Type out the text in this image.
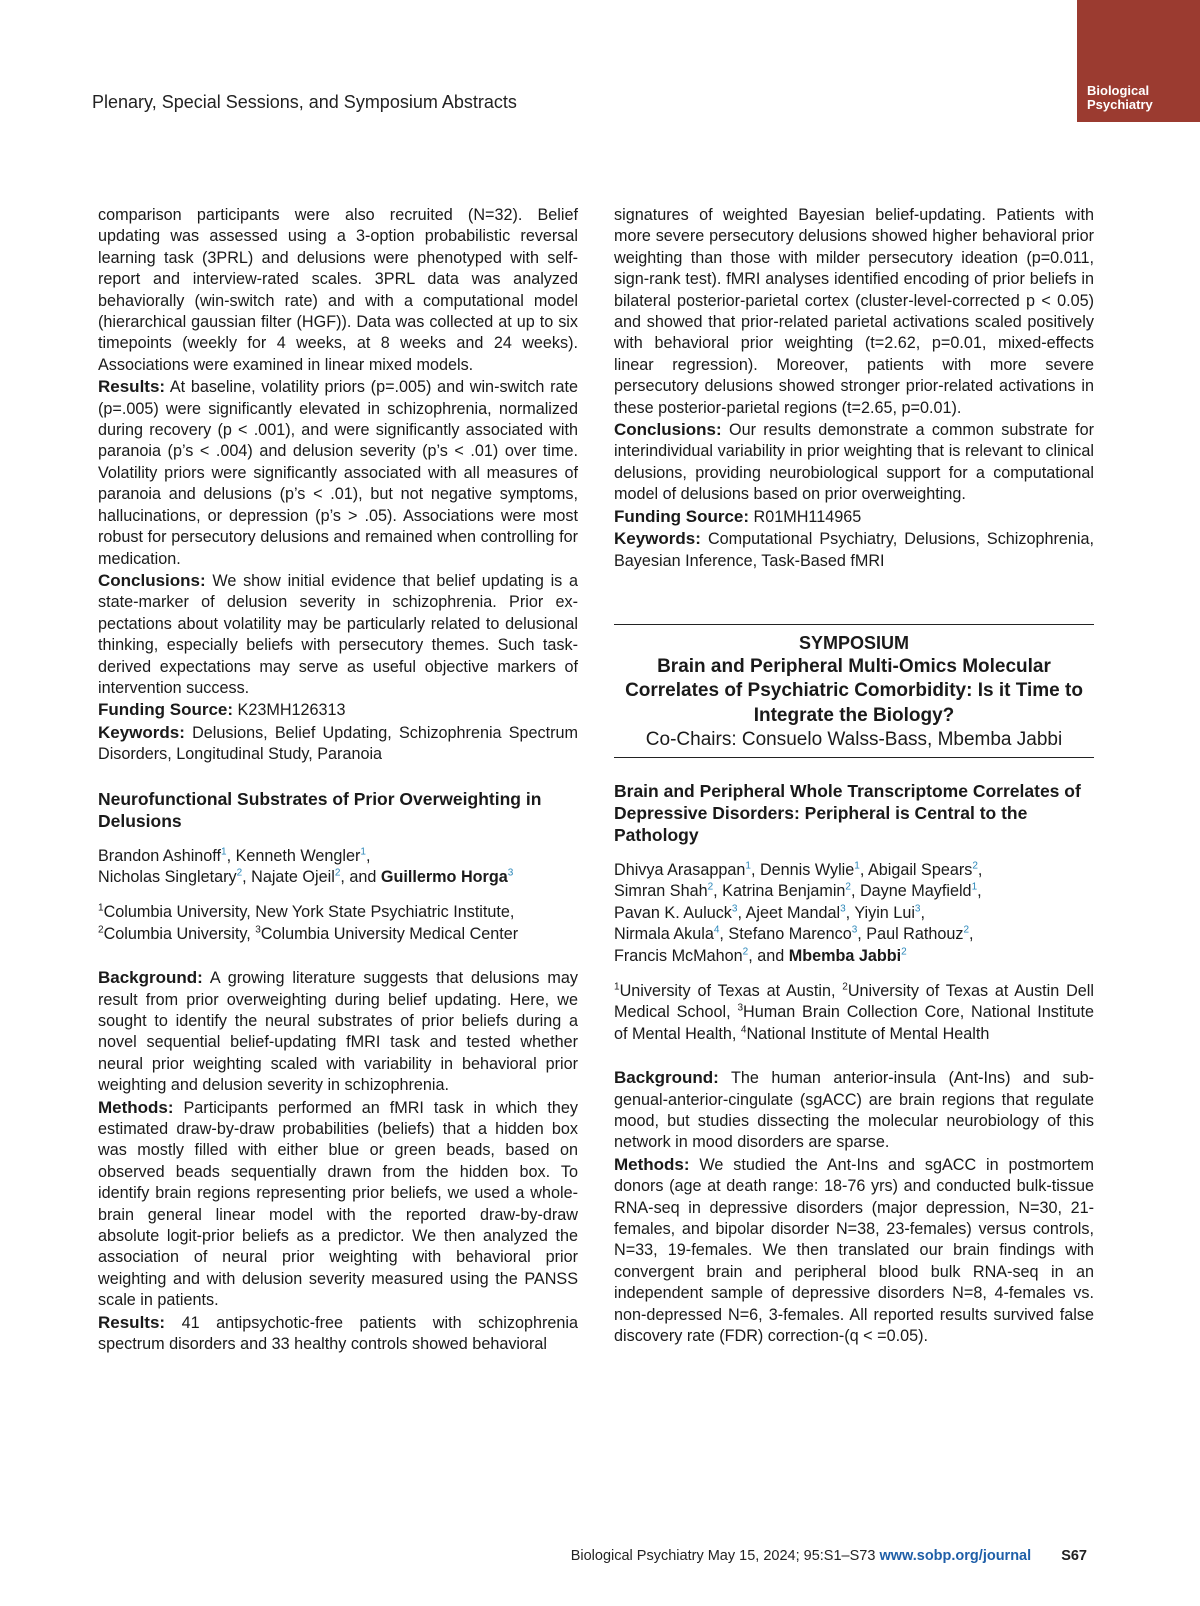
Plenary, Special Sessions, and Symposium Abstracts
Biological
Psychiatry

comparison participants were also recruited (N=32). Belief updating was assessed using a 3-option probabilistic reversal learning task (3PRL) and delusions were phenotyped with self-report and interview-rated scales. 3PRL data was analyzed behaviorally (win-switch rate) and with a computational model (hierarchical gaussian filter (HGF)). Data was collected at up to six timepoints (weekly for 4 weeks, at 8 weeks and 24 weeks). Associations were examined in linear mixed models.

Results: At baseline, volatility priors (p=.005) and win-switch rate (p=.005) were significantly elevated in schizophrenia, normalized during recovery (p < .001), and were significantly associated with paranoia (p’s < .004) and delusion severity (p’s < .01) over time. Volatility priors were significantly associated with all measures of paranoia and delusions (p’s < .01), but not negative symptoms, hallucinations, or depression (p’s > .05). Associations were most robust for persecutory delusions and remained when controlling for medication.

Conclusions: We show initial evidence that belief updating is a state-marker of delusion severity in schizophrenia. Prior expectations about volatility may be particularly related to delusional thinking, especially beliefs with persecutory themes. Such task-derived expectations may serve as useful objective markers of intervention success.

Funding Source: K23MH126313

Keywords: Delusions, Belief Updating, Schizophrenia Spectrum Disorders, Longitudinal Study, Paranoia

Neurofunctional Substrates of Prior Overweighting in Delusions

Brandon Ashinoff$^1$, Kenneth Wengler$^1$,
Nicholas Singletary$^2$, Najate Ojeil$^2$, and Guillermo Horga$^3$

$^1$Columbia University, New York State Psychiatric Institute,
$^2$Columbia University, $^3$Columbia University Medical Center

Background: A growing literature suggests that delusions may result from prior overweighting during belief updating. Here, we sought to identify the neural substrates of prior beliefs during a novel sequential belief-updating fMRI task and tested whether neural prior weighting scaled with variability in behavioral prior weighting and delusion severity in schizophrenia.

Methods: Participants performed an fMRI task in which they estimated draw-by-draw probabilities (beliefs) that a hidden box was mostly filled with either blue or green beads, based on observed beads sequentially drawn from the hidden box. To identify brain regions representing prior beliefs, we used a whole-brain general linear model with the reported draw-by-draw absolute logit-prior beliefs as a predictor. We then analyzed the association of neural prior weighting with behavioral prior weighting and with delusion severity measured using the PANSS scale in patients.

Results: 41 antipsychotic-free patients with schizophrenia spectrum disorders and 33 healthy controls showed behavioral

signatures of weighted Bayesian belief-updating. Patients with more severe persecutory delusions showed higher behavioral prior weighting than those with milder persecutory ideation (p=0.011, sign-rank test). fMRI analyses identified encoding of prior beliefs in bilateral posterior-parietal cortex (cluster-level-corrected p < 0.05) and showed that prior-related parietal activations scaled positively with behavioral prior weighting (t=2.62, p=0.01, mixed-effects linear regression). Moreover, patients with more severe persecutory delusions showed stronger prior-related activations in these posterior-parietal regions (t=2.65, p=0.01).

Conclusions: Our results demonstrate a common substrate for interindividual variability in prior weighting that is relevant to clinical delusions, providing neurobiological support for a computational model of delusions based on prior overweighting.

Funding Source: R01MH114965

Keywords: Computational Psychiatry, Delusions, Schizophrenia, Bayesian Inference, Task-Based fMRI

SYMPOSIUM
Brain and Peripheral Multi-Omics Molecular Correlates of Psychiatric Comorbidity: Is it Time to Integrate the Biology?
Co-Chairs: Consuelo Walss-Bass, Mbemba Jabbi

Brain and Peripheral Whole Transcriptome Correlates of Depressive Disorders: Peripheral is Central to the Pathology

Dhivya Arasappan$^1$, Dennis Wylie$^1$, Abigail Spears$^2$,
Simran Shah$^2$, Katrina Benjamin$^2$, Dayne Mayfield$^1$,
Pavan K. Auluck$^3$, Ajeet Mandal$^3$, Yiyin Lui$^3$,
Nirmala Akula$^4$, Stefano Marenco$^3$, Paul Rathouz$^2$,
Francis McMahon$^2$, and Mbemba Jabbi$^2$

$^1$University of Texas at Austin, $^2$University of Texas at Austin Dell Medical School, $^3$Human Brain Collection Core, National Institute of Mental Health, $^4$National Institute of Mental Health

Background: The human anterior-insula (Ant-Ins) and subgenual-anterior-cingulate (sgACC) are brain regions that regulate mood, but studies dissecting the molecular neurobiology of this network in mood disorders are sparse.

Methods: We studied the Ant-Ins and sgACC in postmortem donors (age at death range: 18-76 yrs) and conducted bulk-tissue RNA-seq in depressive disorders (major depression, N=30, 21-females, and bipolar disorder N=38, 23-females) versus controls, N=33, 19-females. We then translated our brain findings with convergent brain and peripheral blood bulk RNA-seq in an independent sample of depressive disorders N=8, 4-females vs. non-depressed N=6, 3-females. All reported results survived false discovery rate (FDR) correction-(q < =0.05).

Biological Psychiatry May 15, 2024; 95:S1–S73 www.sobp.org/journal S67
